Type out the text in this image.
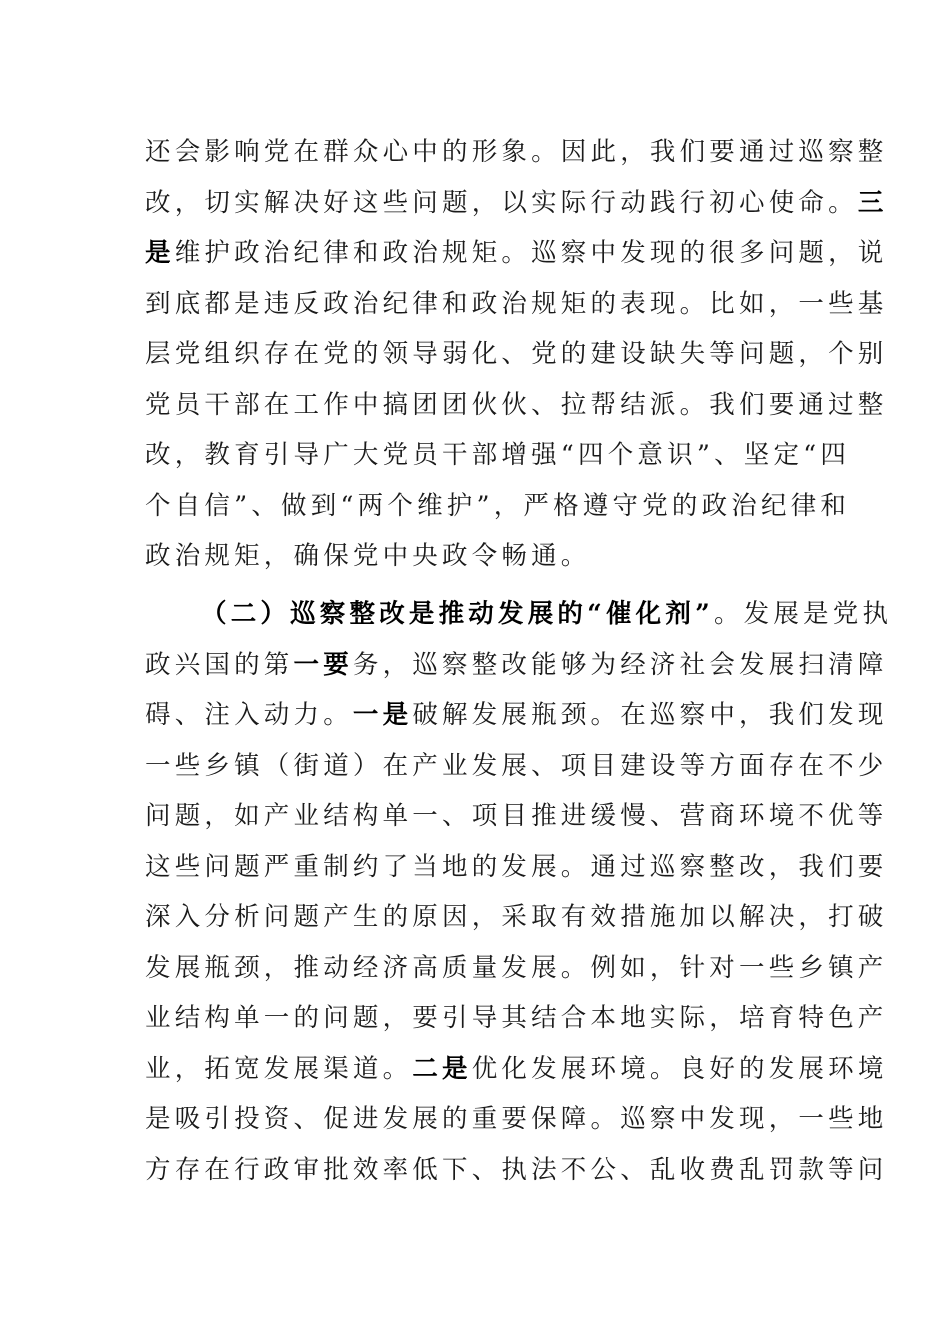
还会影响党在群众心中的形象。因此，我们要通过巡察整
改，切实解决好这些问题，以实际行动践行初心使命。三
是维护政治纪律和政治规矩。巡察中发现的很多问题，说
到底都是违反政治纪律和政治规矩的表现。比如，一些基
层党组织存在党的领导弱化、党的建设缺失等问题，个别
党员干部在工作中搞团团伙伙、拉帮结派。我们要通过整
改，教育引导广大党员干部增强“四个意识”、坚定“四
个自信”、做到“两个维护”，严格遵守党的政治纪律和
政治规矩，确保党中央政令畅通。
（二）巡察整改是推动发展的“催化剂”。发展是党执
政兴国的第一要务，巡察整改能够为经济社会发展扫清障
碍、注入动力。一是破解发展瓶颈。在巡察中，我们发现
一些乡镇（街道）在产业发展、项目建设等方面存在不少
问题，如产业结构单一、项目推进缓慢、营商环境不优等
这些问题严重制约了当地的发展。通过巡察整改，我们要
深入分析问题产生的原因，采取有效措施加以解决，打破
发展瓶颈，推动经济高质量发展。例如，针对一些乡镇产
业结构单一的问题，要引导其结合本地实际，培育特色产
业，拓宽发展渠道。二是优化发展环境。良好的发展环境
是吸引投资、促进发展的重要保障。巡察中发现，一些地
方存在行政审批效率低下、执法不公、乱收费乱罚款等问
